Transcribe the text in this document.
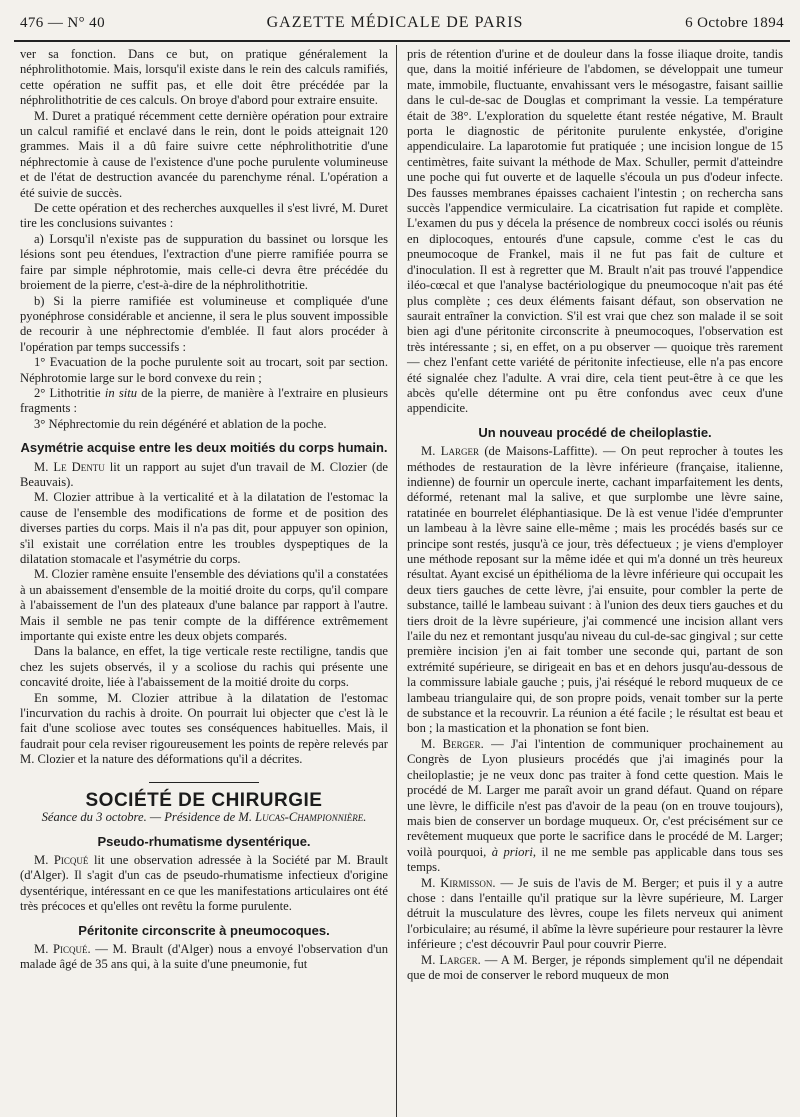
476 — N° 40	GAZETTE MÉDICALE DE PARIS	6 Octobre 1894

ver sa fonction. Dans ce but, on pratique généralement la néphrolithotomie. Mais, lorsqu'il existe dans le rein des calculs ramifiés, cette opération ne suffit pas, et elle doit être précédée par la néphrolithotritie de ces calculs. On broye d'abord pour extraire ensuite.

M. Duret a pratiqué récemment cette dernière opération pour extraire un calcul ramifié et enclavé dans le rein, dont le poids atteignait 120 grammes. Mais il a dû faire suivre cette néphrolithotritie d'une néphrectomie à cause de l'existence d'une poche purulente volumineuse et de l'état de destruction avancée du parenchyme rénal. L'opération a été suivie de succès.

De cette opération et des recherches auxquelles il s'est livré, M. Duret tire les conclusions suivantes :

a) Lorsqu'il n'existe pas de suppuration du bassinet ou lorsque les lésions sont peu étendues, l'extraction d'une pierre ramifiée pourra se faire par simple néphrotomie, mais celle-ci devra être précédée du broiement de la pierre, c'est-à-dire de la néphrolithotritie.

b) Si la pierre ramifiée est volumineuse et compliquée d'une pyonéphrose considérable et ancienne, il sera le plus souvent impossible de recourir à une néphrectomie d'emblée. Il faut alors procéder à l'opération par temps successifs :

1° Evacuation de la poche purulente soit au trocart, soit par section. Néphrotomie large sur le bord convexe du rein ;

2° Lithotritie in situ de la pierre, de manière à l'extraire en plusieurs fragments :

3° Néphrectomie du rein dégénéré et ablation de la poche.

Asymétrie acquise entre les deux moitiés du corps humain.

M. Le Dentu lit un rapport au sujet d'un travail de M. Clozier (de Beauvais).

M. Clozier attribue à la verticalité et à la dilatation de l'estomac la cause de l'ensemble des modifications de forme et de position des diverses parties du corps. Mais il n'a pas dit, pour appuyer son opinion, s'il existait une corrélation entre les troubles dyspeptiques de la dilatation stomacale et l'asymétrie du corps.

M. Clozier ramène ensuite l'ensemble des déviations qu'il a constatées à un abaissement d'ensemble de la moitié droite du corps, qu'il compare à l'abaissement de l'un des plateaux d'une balance par rapport à l'autre. Mais il semble ne pas tenir compte de la différence extrêmement importante qui existe entre les deux objets comparés.

Dans la balance, en effet, la tige verticale reste rectiligne, tandis que chez les sujets observés, il y a scoliose du rachis qui présente une concavité droite, liée à l'abaissement de la moitié droite du corps.

En somme, M. Clozier attribue à la dilatation de l'estomac l'incurvation du rachis à droite. On pourrait lui objecter que c'est là le fait d'une scoliose avec toutes ses conséquences habituelles. Mais, il faudrait pour cela reviser rigoureusement les points de repère relevés par M. Clozier et la nature des déformations qu'il a décrites.

SOCIÉTÉ DE CHIRURGIE
Séance du 3 octobre. — Présidence de M. Lucas-Championnière.
Pseudo-rhumatisme dysentérique.

M. Picqué lit une observation adressée à la Société par M. Brault (d'Alger). Il s'agit d'un cas de pseudo-rhumatisme infectieux d'origine dysentérique, intéressant en ce que les manifestations articulaires ont été très précoces et qu'elles ont revêtu la forme purulente.

Péritonite circonscrite à pneumocoques.

M. Picqué. — M. Brault (d'Alger) nous a envoyé l'observation d'un malade âgé de 35 ans qui, à la suite d'une pneumonie, fut

pris de rétention d'urine et de douleur dans la fosse iliaque droite, tandis que, dans la moitié inférieure de l'abdomen, se développait une tumeur mate, immobile, fluctuante, envahissant vers le mésogastre, faisant saillie dans le cul-de-sac de Douglas et comprimant la vessie. La température était de 38°. L'exploration du squelette étant restée négative, M. Brault porta le diagnostic de péritonite purulente enkystée, d'origine appendiculaire. La laparotomie fut pratiquée ; une incision longue de 15 centimètres, faite suivant la méthode de Max. Schuller, permit d'atteindre une poche qui fut ouverte et de laquelle s'écoula un pus d'odeur infecte. Des fausses membranes épaisses cachaient l'intestin ; on rechercha sans succès l'appendice vermiculaire. La cicatrisation fut rapide et complète. L'examen du pus y décela la présence de nombreux cocci isolés ou réunis en diplocoques, entourés d'une capsule, comme c'est le cas du pneumocoque de Frankel, mais il ne fut pas fait de culture et d'inoculation. Il est à regretter que M. Brault n'ait pas trouvé l'appendice iléo-cœcal et que l'analyse bactériologique du pneumocoque n'ait pas été plus complète ; ces deux éléments faisant défaut, son observation ne saurait entraîner la conviction. S'il est vrai que chez son malade il se soit bien agi d'une péritonite circonscrite à pneumocoques, l'observation est très intéressante ; si, en effet, on a pu observer — quoique très rarement — chez l'enfant cette variété de péritonite infectieuse, elle n'a pas encore été signalée chez l'adulte. A vrai dire, cela tient peut-être à ce que les abcès qu'elle détermine ont pu être confondus avec ceux d'une appendicite.

Un nouveau procédé de cheiloplastie.

M. Larger (de Maisons-Laffitte). — On peut reprocher à toutes les méthodes de restauration de la lèvre inférieure (française, italienne, indienne) de fournir un opercule inerte, cachant imparfaitement les dents, déformé, retenant mal la salive, et que surplombe une lèvre saine, ratatinée en bourrelet éléphantiasique. De là est venue l'idée d'emprunter un lambeau à la lèvre saine elle-même ; mais les procédés basés sur ce principe sont restés, jusqu'à ce jour, très défectueux ; je viens d'employer une méthode reposant sur la même idée et qui m'a donné un très heureux résultat. Ayant excisé un épithélioma de la lèvre inférieure qui occupait les deux tiers gauches de cette lèvre, j'ai ensuite, pour combler la perte de substance, taillé le lambeau suivant : à l'union des deux tiers gauches et du tiers droit de la lèvre supérieure, j'ai commencé une incision allant vers l'aile du nez et remontant jusqu'au niveau du cul-de-sac gingival ; sur cette première incision j'en ai fait tomber une seconde qui, partant de son extrémité supérieure, se dirigeait en bas et en dehors jusqu'au-dessous de la commissure labiale gauche ; puis, j'ai réséqué le rebord muqueux de ce lambeau triangulaire qui, de son propre poids, venait tomber sur la perte de substance et la recouvrir. La réunion a été facile ; le résultat est beau et bon ; la mastication et la phonation se font bien.

M. Berger. — J'ai l'intention de communiquer prochainement au Congrès de Lyon plusieurs procédés que j'ai imaginés pour la cheiloplastie; je ne veux donc pas traiter à fond cette question. Mais le procédé de M. Larger me paraît avoir un grand défaut. Quand on répare une lèvre, le difficile n'est pas d'avoir de la peau (on en trouve toujours), mais bien de conserver un bordage muqueux. Or, c'est précisément sur ce revêtement muqueux que porte le sacrifice dans le procédé de M. Larger; voilà pourquoi, à priori, il ne me semble pas applicable dans tous ses temps.

M. Kirmisson. — Je suis de l'avis de M. Berger; et puis il y a autre chose : dans l'entaille qu'il pratique sur la lèvre supérieure, M. Larger détruit la musculature des lèvres, coupe les filets nerveux qui animent l'orbiculaire; au résumé, il abîme la lèvre supérieure pour restaurer la lèvre inférieure ; c'est découvrir Paul pour couvrir Pierre.

M. Larger. — A M. Berger, je réponds simplement qu'il ne dépendait que de moi de conserver le rebord muqueux de mon
